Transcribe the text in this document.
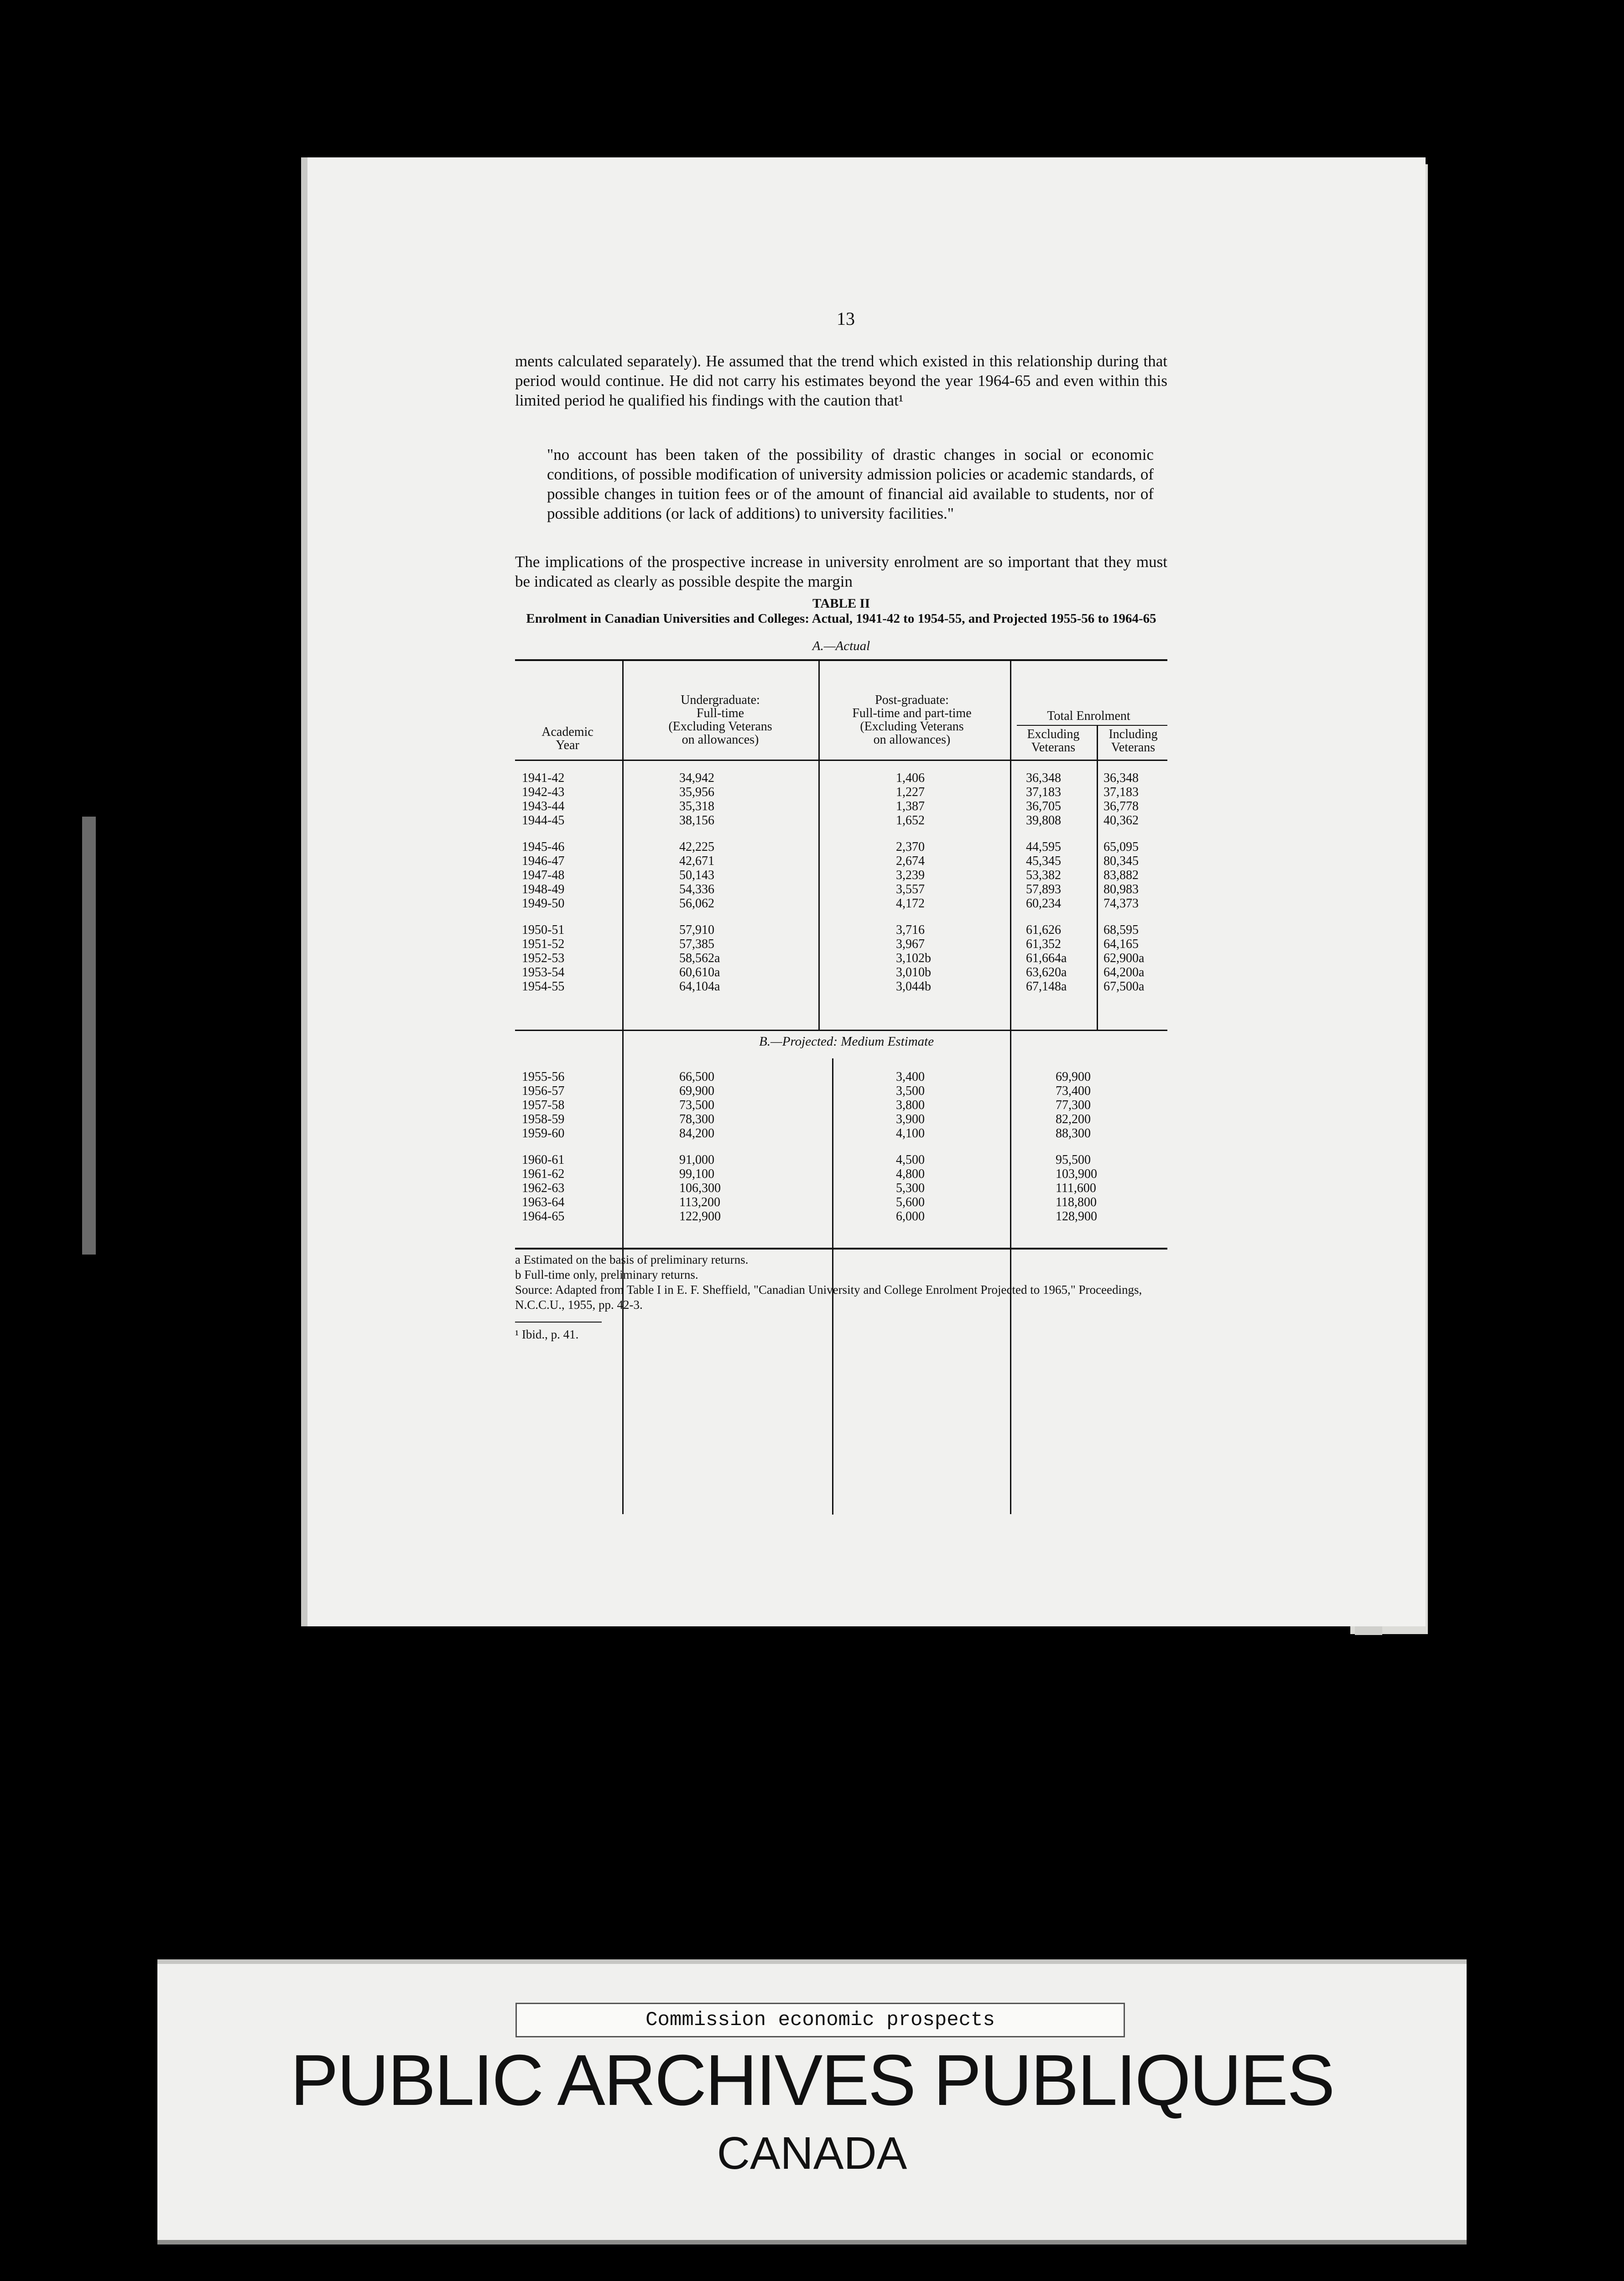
13

ments calculated separately). He assumed that the trend which existed in this relationship during that period would continue. He did not carry his estimates beyond the year 1964-65 and even within this limited period he qualified his findings with the caution that¹

"no account has been taken of the possibility of drastic changes in social or economic conditions, of possible modification of university admission policies or academic standards, of possible changes in tuition fees or of the amount of financial aid available to students, nor of possible additions (or lack of additions) to university facilities."

The implications of the prospective increase in university enrolment are so important that they must be indicated as clearly as possible despite the margin

TABLE II
Enrolment in Canadian Universities and Colleges: Actual, 1941-42 to 1954-55, and Projected 1955-56 to 1964-65
A.—Actual
Academic
Year
Undergraduate:
Full-time
(Excluding Veterans
on allowances)
Post-graduate:
Full-time and part-time
(Excluding Veterans
on allowances)
Total Enrolment
Excluding
Veterans
Including
Veterans
1941-42
1942-43
1943-44
1944-45
1945-46
1946-47
1947-48
1948-49
1949-50
1950-51
1951-52
1952-53
1953-54
1954-55
34,942
35,956
35,318
38,156
42,225
42,671
50,143
54,336
56,062
57,910
57,385
58,562a
60,610a
64,104a
1,406
1,227
1,387
1,652
2,370
2,674
3,239
3,557
4,172
3,716
3,967
3,102b
3,010b
3,044b
36,348
37,183
36,705
39,808
44,595
45,345
53,382
57,893
60,234
61,626
61,352
61,664a
63,620a
67,148a
36,348
37,183
36,778
40,362
65,095
80,345
83,882
80,983
74,373
68,595
64,165
62,900a
64,200a
67,500a
B.—Projected: Medium Estimate
1955-56
1956-57
1957-58
1958-59
1959-60
1960-61
1961-62
1962-63
1963-64
1964-65
66,500
69,900
73,500
78,300
84,200
91,000
99,100
106,300
113,200
122,900
3,400
3,500
3,800
3,900
4,100
4,500
4,800
5,300
5,600
6,000
69,900
73,400
77,300
82,200
88,300
95,500
103,900
111,600
118,800
128,900

a Estimated on the basis of preliminary returns.

b Full-time only, preliminary returns.

Source: Adapted from Table I in E. F. Sheffield, "Canadian University and College Enrolment Projected to 1965," Proceedings, N.C.C.U., 1955, pp. 42-3.

¹ Ibid., p. 41.
Commission economic prospects
PUBLIC ARCHIVES PUBLIQUES
CANADA
